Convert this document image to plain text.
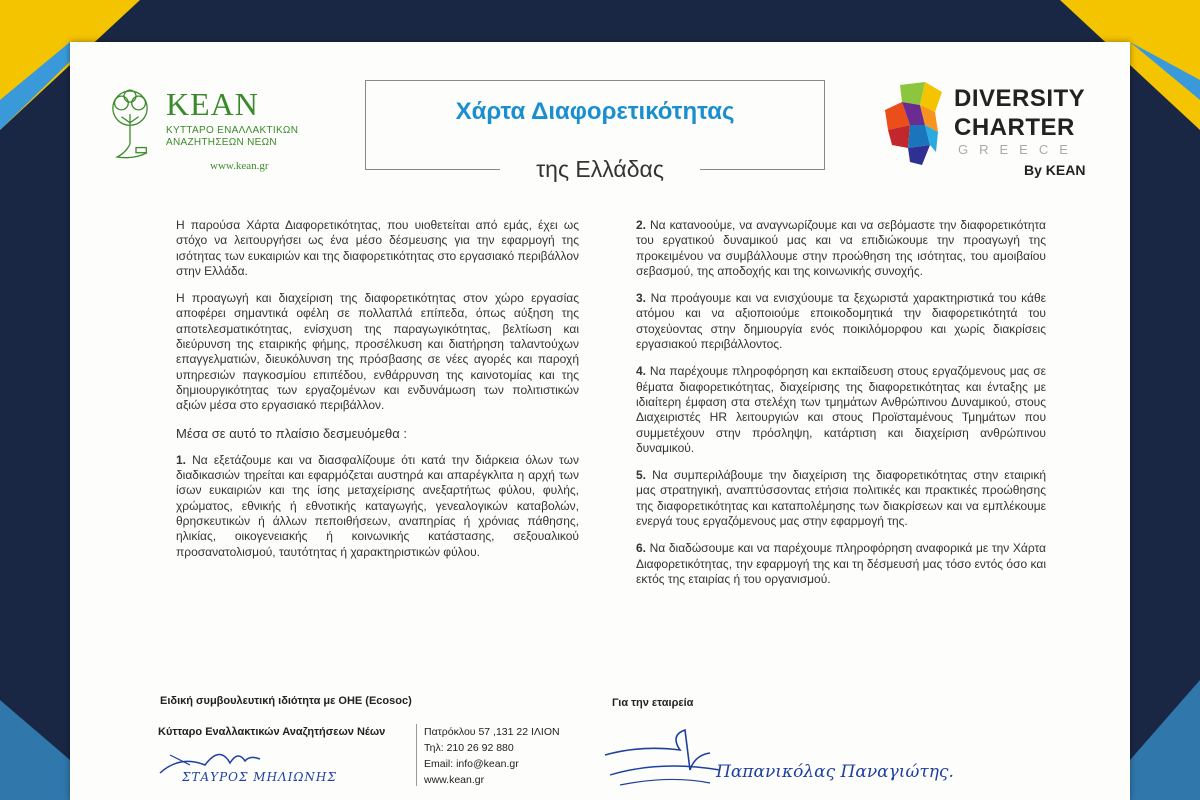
KEAN
ΚΥΤΤΑΡΟ ΕΝΑΛΛΑΚΤΙΚΩΝ
ΑΝΑΖΗΤΗΣΕΩΝ ΝΕΩΝ
www.kean.gr
Χάρτα Διαφορετικότητας
της Ελλάδας
DIVERSITY
CHARTER
GREECE
By KEAN

Η παρούσα Χάρτα Διαφορετικότητας, που υιοθετείται από εμάς, έχει ως στόχο να λειτουργήσει ως ένα μέσο δέσμευσης για την εφαρμογή της ισότητας των ευκαιριών και της διαφορετικότητας στο εργασιακό περιβάλλον στην Ελλάδα.

Η προαγωγή και διαχείριση της διαφορετικότητας στον χώρο εργασίας αποφέρει σημαντικά οφέλη σε πολλαπλά επίπεδα, όπως αύξηση της αποτελεσματικότητας, ενίσχυση της παραγωγικότητας, βελτίωση και διεύρυνση της εταιρικής φήμης, προσέλκυση και διατήρηση ταλαντούχων επαγγελματιών, διευκόλυνση της πρόσβασης σε νέες αγορές και παροχή υπηρεσιών παγκοσμίου επιπέδου, ενθάρρυνση της καινοτομίας και της δημιουργικότητας των εργαζομένων και ενδυνάμωση των πολιτιστικών αξιών μέσα στο εργασιακό περιβάλλον.

Μέσα σε αυτό το πλαίσιο δεσμευόμεθα :

1. Να εξετάζουμε και να διασφαλίζουμε ότι κατά την διάρκεια όλων των διαδικασιών τηρείται και εφαρμόζεται αυστηρά και απαρέγκλιτα η αρχή των ίσων ευκαιριών και της ίσης μεταχείρισης ανεξαρτήτως φύλου, φυλής, χρώματος, εθνικής ή εθνοτικής καταγωγής, γενεαλογικών καταβολών, θρησκευτικών ή άλλων πεποιθήσεων, αναπηρίας ή χρόνιας πάθησης, ηλικίας, οικογενειακής ή κοινωνικής κατάστασης, σεξουαλικού προσανατολισμού, ταυτότητας ή χαρακτηριστικών φύλου.

2. Να κατανοούμε, να αναγνωρίζουμε και να σεβόμαστε την διαφορετικότητα του εργατικού δυναμικού μας και να επιδιώκουμε την προαγωγή της προκειμένου να συμβάλλουμε στην προώθηση της ισότητας, του αμοιβαίου σεβασμού, της αποδοχής και της κοινωνικής συνοχής.

3. Να προάγουμε και να ενισχύουμε τα ξεχωριστά χαρακτηριστικά του κάθε ατόμου και να αξιοποιούμε εποικοδομητικά την διαφορετικότητά του στοχεύοντας στην δημιουργία ενός ποικιλόμορφου και χωρίς διακρίσεις εργασιακού περιβάλλοντος.

4. Να παρέχουμε πληροφόρηση και εκπαίδευση στους εργαζόμενους μας σε θέματα διαφορετικότητας, διαχείρισης της διαφορετικότητας και ένταξης με ιδιαίτερη έμφαση στα στελέχη των τμημάτων Ανθρώπινου Δυναμικού, στους Διαχειριστές HR λειτουργιών και στους Προϊσταμένους Τμημάτων που συμμετέχουν στην πρόσληψη, κατάρτιση και διαχείριση ανθρώπινου δυναμικού.

5. Να συμπεριλάβουμε την διαχείριση της διαφορετικότητας στην εταιρική μας στρατηγική, αναπτύσσοντας ετήσια πολιτικές και πρακτικές προώθησης της διαφορετικότητας και καταπολέμησης των διακρίσεων και να εμπλέκουμε ενεργά τους εργαζόμενους μας στην εφαρμογή της.

6. Να διαδώσουμε και να παρέχουμε πληροφόρηση αναφορικά με την Χάρτα Διαφορετικότητας, την εφαρμογή της και τη δέσμευσή μας τόσο εντός όσο και εκτός της εταιρίας ή του οργανισμού.

Ειδική συμβουλευτική ιδιότητα με ΟΗΕ (Ecosoc)
Κύτταρο Εναλλακτικών Αναζητήσεων Νέων
Για την εταιρεία
Πατρόκλου 57 ,131 22 ΙΛΙΟΝ
Τηλ: 210 26 92 880
Email: info@kean.gr
www.kean.gr
ΣΤΑΥΡΟΣ ΜΗΛΙΩΝΗΣ	Παπανικόλας Παναγιώτης.
